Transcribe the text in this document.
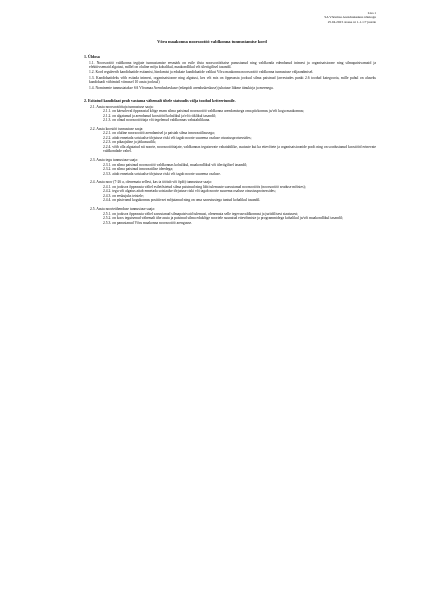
Lisa 1
SA Võrumaa Arenduskeskus nõukogu
25.04.2023 otsuse nr 1-1.1/7 juurde
Võru maakonna noorsootöö valdkonna tunnustamise kord
1. Üldosa

1.1. Noorsootöö valdkonna tegijate tunnustamise eesmärk on esile tõsta noorsootöötaise panustanud ning valdkonda edendanud inimesi ja organisatsioone ning silmapaistvamaid ja efektiivsemaid algatusi, millel on oluline mõju kohalikul, maakondlikul või üleriigilisel tasandil.

1.2. Kord reguleerib kandidaatide esitamist, hindamist ja edukate kandidaatide valikut Võru maakonna noorsootöö valdkonna tunnustuse väljaandmisel.

1.3. Kandidaatideks võib esitada inimesi, organisatsioone ning algatusi, kes või mis on õppeaasta jooksul silma paistnud (arvestades punkt 2.6 toodud kategooria, mille puhul on aluseks kandidaadi viibimistl viimasel 10 aasta jooksul)

1.4. Nominente tunnustatakse SA Võrumaa Arenduskeskuse (edaspidi arenduskeskuse) juhatuse liikme tänukirja ja meenega.

2. Esitatud kandidaat peab vastama vähemalt ühele statuudis välja toodud kriteeriumile.

2.1. Aasta noorsootöötaja tunnustuse saaja:

2.1.1. on käesoleval õppeaastal kõige enam silma paistnud noorsootöö valdkonna arendamisega oma piirkonnas ja/või kogu maakonnas;

2.1.2. on algatanud ja arendanud koostööd kohalikul ja/või riiklikul tasandil;

2.1.3. on olnud noorsootöötaja või tegelenud valdkonnas vabatahtlikuna.

2.2. Aasta koostöö tunnustuse saaja:

2.2.1. on oluline noorsootöö arendamisel ja paistab silma innovaatilisusega;

2.2.2. aitab ennetada sotsiaalse tõrjutuse riski või tagab noorte suurema osaluse otsustusprotsessides;

2.2.3. on pikaajaline ja jätkusuutlik;

2.2.4. võib olla algatatud nii noorte, noorsootöötajate, valdkonnas tegutsevate vabatahtlike, asutuste kui ka ettevõtete ja organisatsioonide poolt ning on soodustanud koostööd erinevate valdkondade vahel.

2.3. Aasta tegu tunnustuse saaja:

2.3.1. on silma paistnud noorsootöö valdkonnas kohalikul, maakondlikul või üleriigilisel tasandil;

2.3.2. on silma paistnud innovaatilise ideedega;

2.3.3. aitab ennetada sotsiaalse tõrjutuse riski või tagab noorte suurema osaluse.

2.4. Aasta noor (7-26 a, olenemata sellest, kas ta töötab või õpib) tunnustuse saaja:

2.4.1. on jooksva õppeaasta vältel esiletõstetud silma paistnud ning läbi tulemuste saavutanud noorsootöös (noorsootöö seaduse mõistes);

2.4.2. tegu või algatus aitab ennetada sotsiaalse tõrjutuse riski või tagab noorte suurema osaluse otsustusprotsessides;

2.4.3. on eeskujuks teistele;

2.4.4. on püsivamd kogukonnas positiivset mõjutanud ning on oma saavutustega tuntud kohalikul tasandil.

2.5. Aasta noorteühenduse tunnustuse saaja:

2.5.1. on jooksva õppeaasta vältel saavutanud silmapaistvaid tulemusi, olenemata selle tegevusvaldkonnast ja juriidilisest staatusest;

2.5.2. on koos tegutsenud vähemalt ühe aasta ja paistnud silma edukõige noortele suunatud ettevõtmiste ja programmidega kohalikul ja/või maakondlikul tasandil;

2.5.3. on panustanud Võru maakonna noorsootöö arengusse.
